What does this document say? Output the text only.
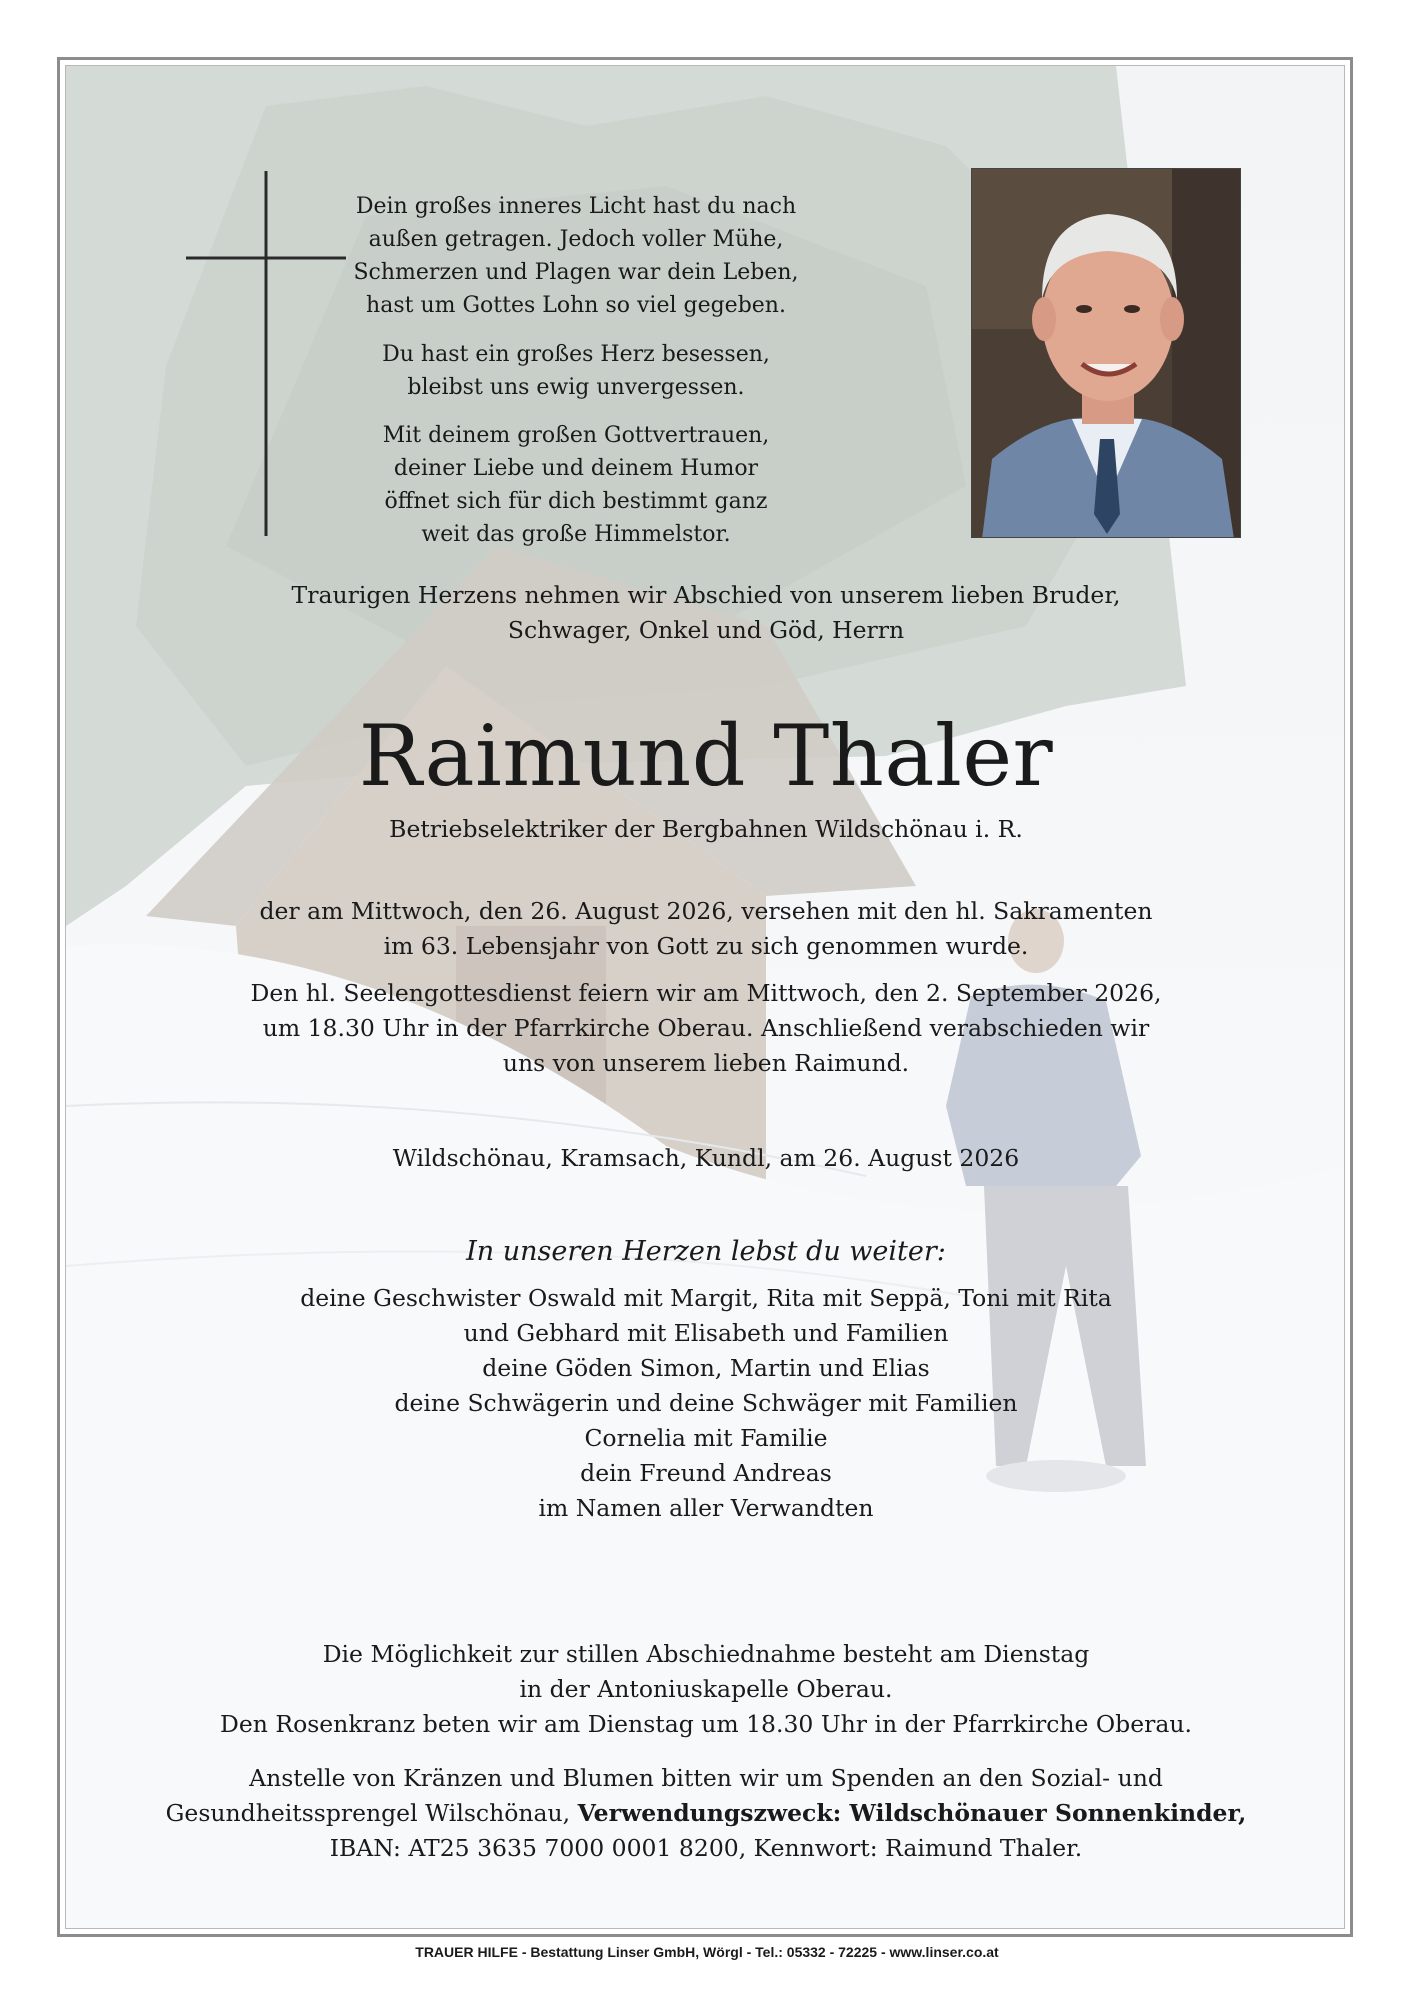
Dein großes inneres Licht hast du nach
außen getragen. Jedoch voller Mühe,
Schmerzen und Plagen war dein Leben,
hast um Gottes Lohn so viel gegeben.
Du hast ein großes Herz besessen,
bleibst uns ewig unvergessen.
Mit deinem großen Gottvertrauen,
deiner Liebe und deinem Humor
öffnet sich für dich bestimmt ganz
weit das große Himmelstor.
Traurigen Herzens nehmen wir Abschied von unserem lieben Bruder,
Schwager, Onkel und Göd, Herrn
Raimund Thaler
Betriebselektriker der Bergbahnen Wildschönau i. R.
der am Mittwoch, den 26. August 2026, versehen mit den hl. Sakramenten
im 63. Lebensjahr von Gott zu sich genommen wurde.
Den hl. Seelengottesdienst feiern wir am Mittwoch, den 2. September 2026,
um 18.30 Uhr in der Pfarrkirche Oberau. Anschließend verabschieden wir
uns von unserem lieben Raimund.
Wildschönau, Kramsach, Kundl, am 26. August 2026
In unseren Herzen lebst du weiter:
deine Geschwister Oswald mit Margit, Rita mit Seppä, Toni mit Rita
und Gebhard mit Elisabeth und Familien
deine Göden Simon, Martin und Elias
deine Schwägerin und deine Schwäger mit Familien
Cornelia mit Familie
dein Freund Andreas
im Namen aller Verwandten
Die Möglichkeit zur stillen Abschiednahme besteht am Dienstag
in der Antoniuskapelle Oberau.
Den Rosenkranz beten wir am Dienstag um 18.30 Uhr in der Pfarrkirche Oberau.
Anstelle von Kränzen und Blumen bitten wir um Spenden an den Sozial- und
Gesundheitssprengel Wilschönau, Verwendungszweck: Wildschönauer Sonnenkinder,
IBAN: AT25 3635 7000 0001 8200, Kennwort: Raimund Thaler.
TRAUER HILFE - Bestattung Linser GmbH, Wörgl - Tel.: 05332 - 72225 - www.linser.co.at
